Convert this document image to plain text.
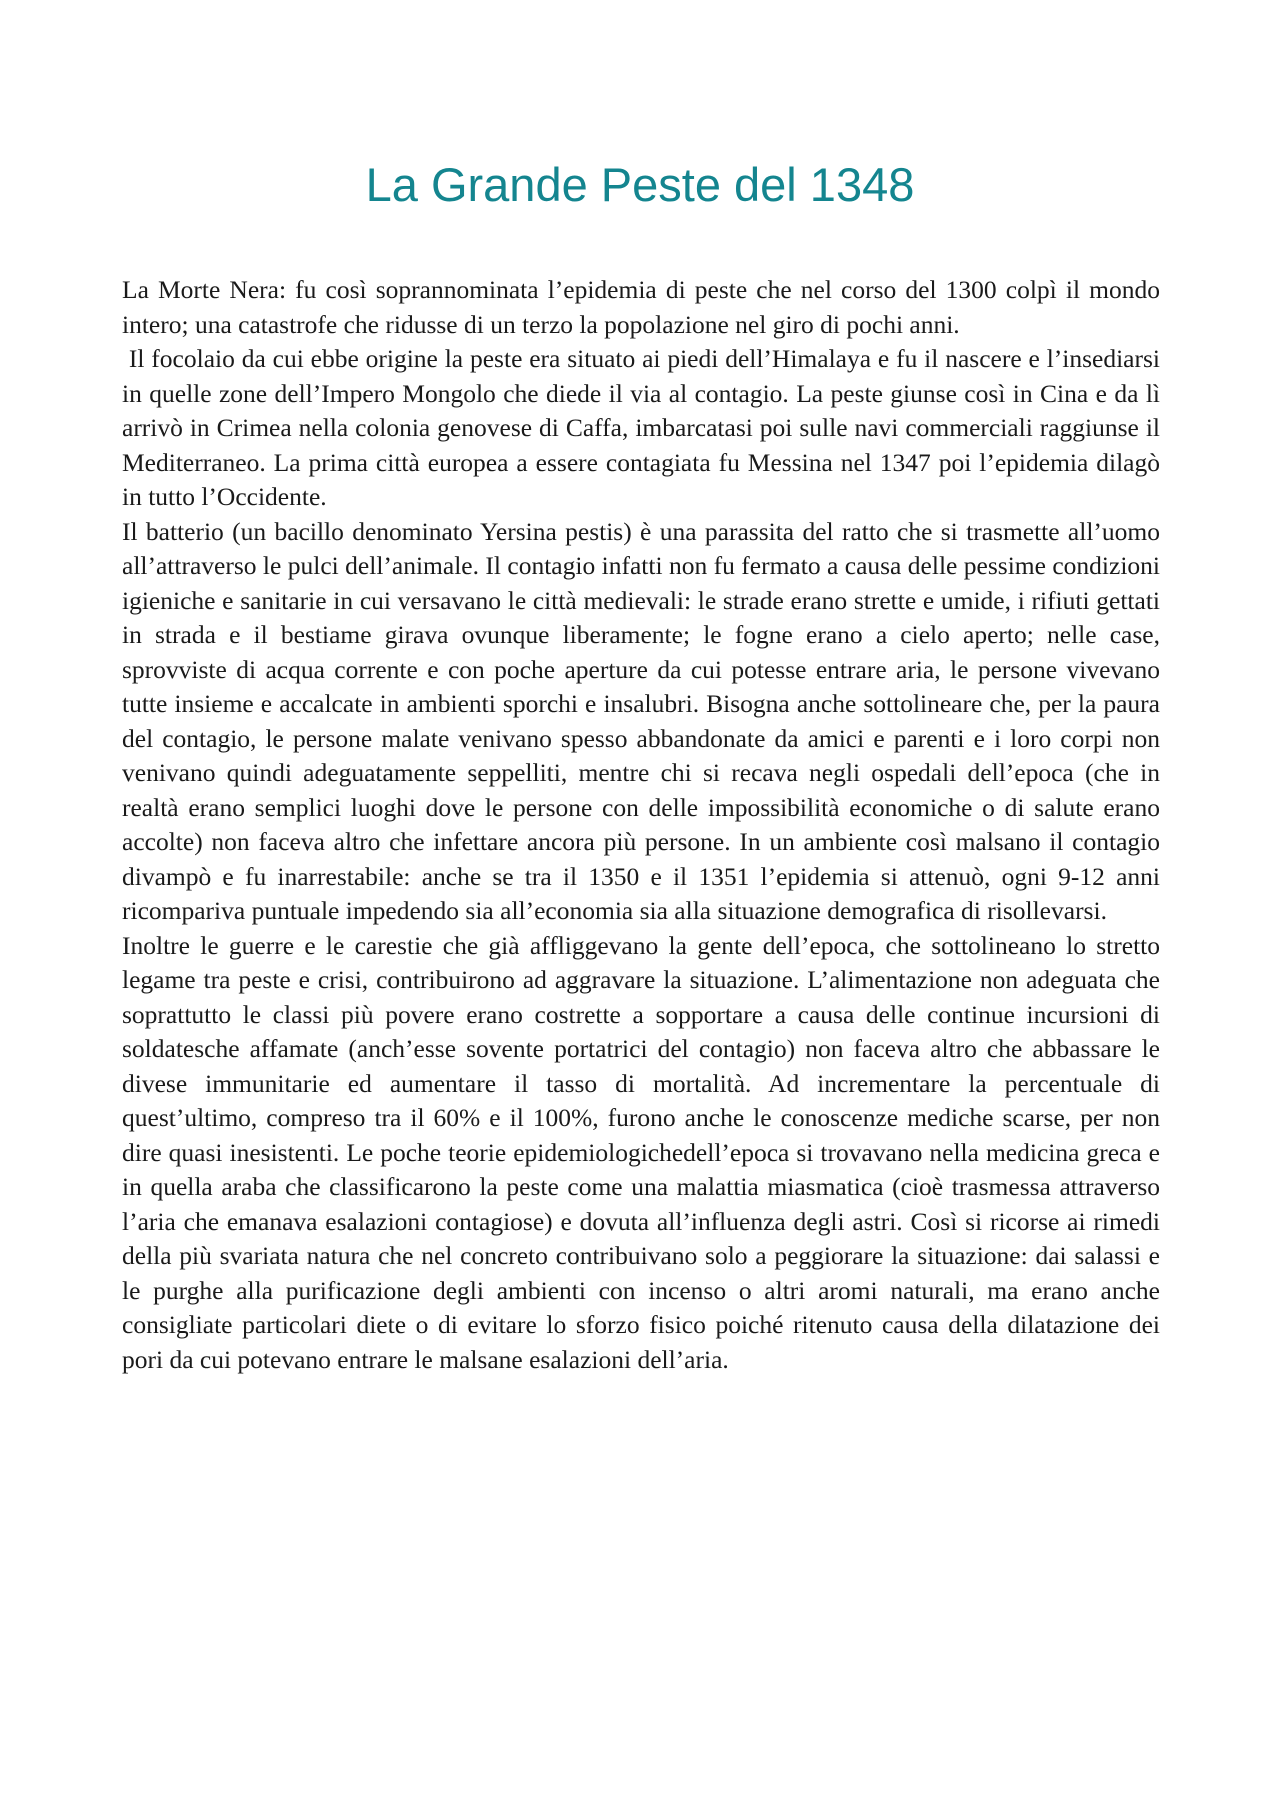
La Grande Peste del 1348

La Morte Nera: fu così soprannominata l’epidemia di peste che nel corso del 1300 colpì il mondo intero; una catastrofe che ridusse di un terzo la popolazione nel giro di pochi anni.

Il focolaio da cui ebbe origine la peste era situato ai piedi dell’Himalaya e fu il nascere e l’insediarsi in quelle zone dell’Impero Mongolo che diede il via al contagio. La peste giunse così in Cina e da lì arrivò in Crimea nella colonia genovese di Caffa, imbarcatasi poi sulle navi commerciali raggiunse il Mediterraneo. La prima città europea a essere contagiata fu Messina nel 1347 poi l’epidemia dilagò in tutto l’Occidente.

Il batterio (un bacillo denominato Yersina pestis) è una parassita del ratto che si trasmette all’uomo all’attraverso le pulci dell’animale. Il contagio infatti non fu fermato a causa delle pessime condizioni igieniche e sanitarie in cui versavano le città medievali: le strade erano strette e umide, i rifiuti gettati in strada e il bestiame girava ovunque liberamente; le fogne erano a cielo aperto; nelle case, sprovviste di acqua corrente e con poche aperture da cui potesse entrare aria, le persone vivevano tutte insieme e accalcate in ambienti sporchi e insalubri. Bisogna anche sottolineare che, per la paura del contagio, le persone malate venivano spesso abbandonate da amici e parenti e i loro corpi non venivano quindi adeguatamente seppelliti, mentre chi si recava negli ospedali dell’epoca (che in realtà erano semplici luoghi dove le persone con delle impossibilità economiche o di salute erano accolte) non faceva altro che infettare ancora più persone. In un ambiente così malsano il contagio divampò e fu inarrestabile: anche se tra il 1350 e il 1351 l’epidemia si attenuò, ogni 9-12 anni ricompariva puntuale impedendo sia all’economia sia alla situazione demografica di risollevarsi.

Inoltre le guerre e le carestie che già affliggevano la gente dell’epoca, che sottolineano lo stretto legame tra peste e crisi, contribuirono ad aggravare la situazione. L’alimentazione non adeguata che soprattutto le classi più povere erano costrette a sopportare a causa delle continue incursioni di soldatesche affamate (anch’esse sovente portatrici del contagio) non faceva altro che abbassare le divese immunitarie ed aumentare il tasso di mortalità. Ad incrementare la percentuale di quest’ultimo, compreso tra il 60% e il 100%, furono anche le conoscenze mediche scarse, per non dire quasi inesistenti. Le poche teorie epidemiologichedell’epoca si trovavano nella medicina greca e in quella araba che classificarono la peste come una malattia miasmatica (cioè trasmessa attraverso l’aria che emanava esalazioni contagiose) e dovuta all’influenza degli astri. Così si ricorse ai rimedi della più svariata natura che nel concreto contribuivano solo a peggiorare la situazione: dai salassi e le purghe alla purificazione degli ambienti con incenso o altri aromi naturali, ma erano anche consigliate particolari diete o di evitare lo sforzo fisico poiché ritenuto causa della dilatazione dei pori da cui potevano entrare le malsane esalazioni dell’aria.
